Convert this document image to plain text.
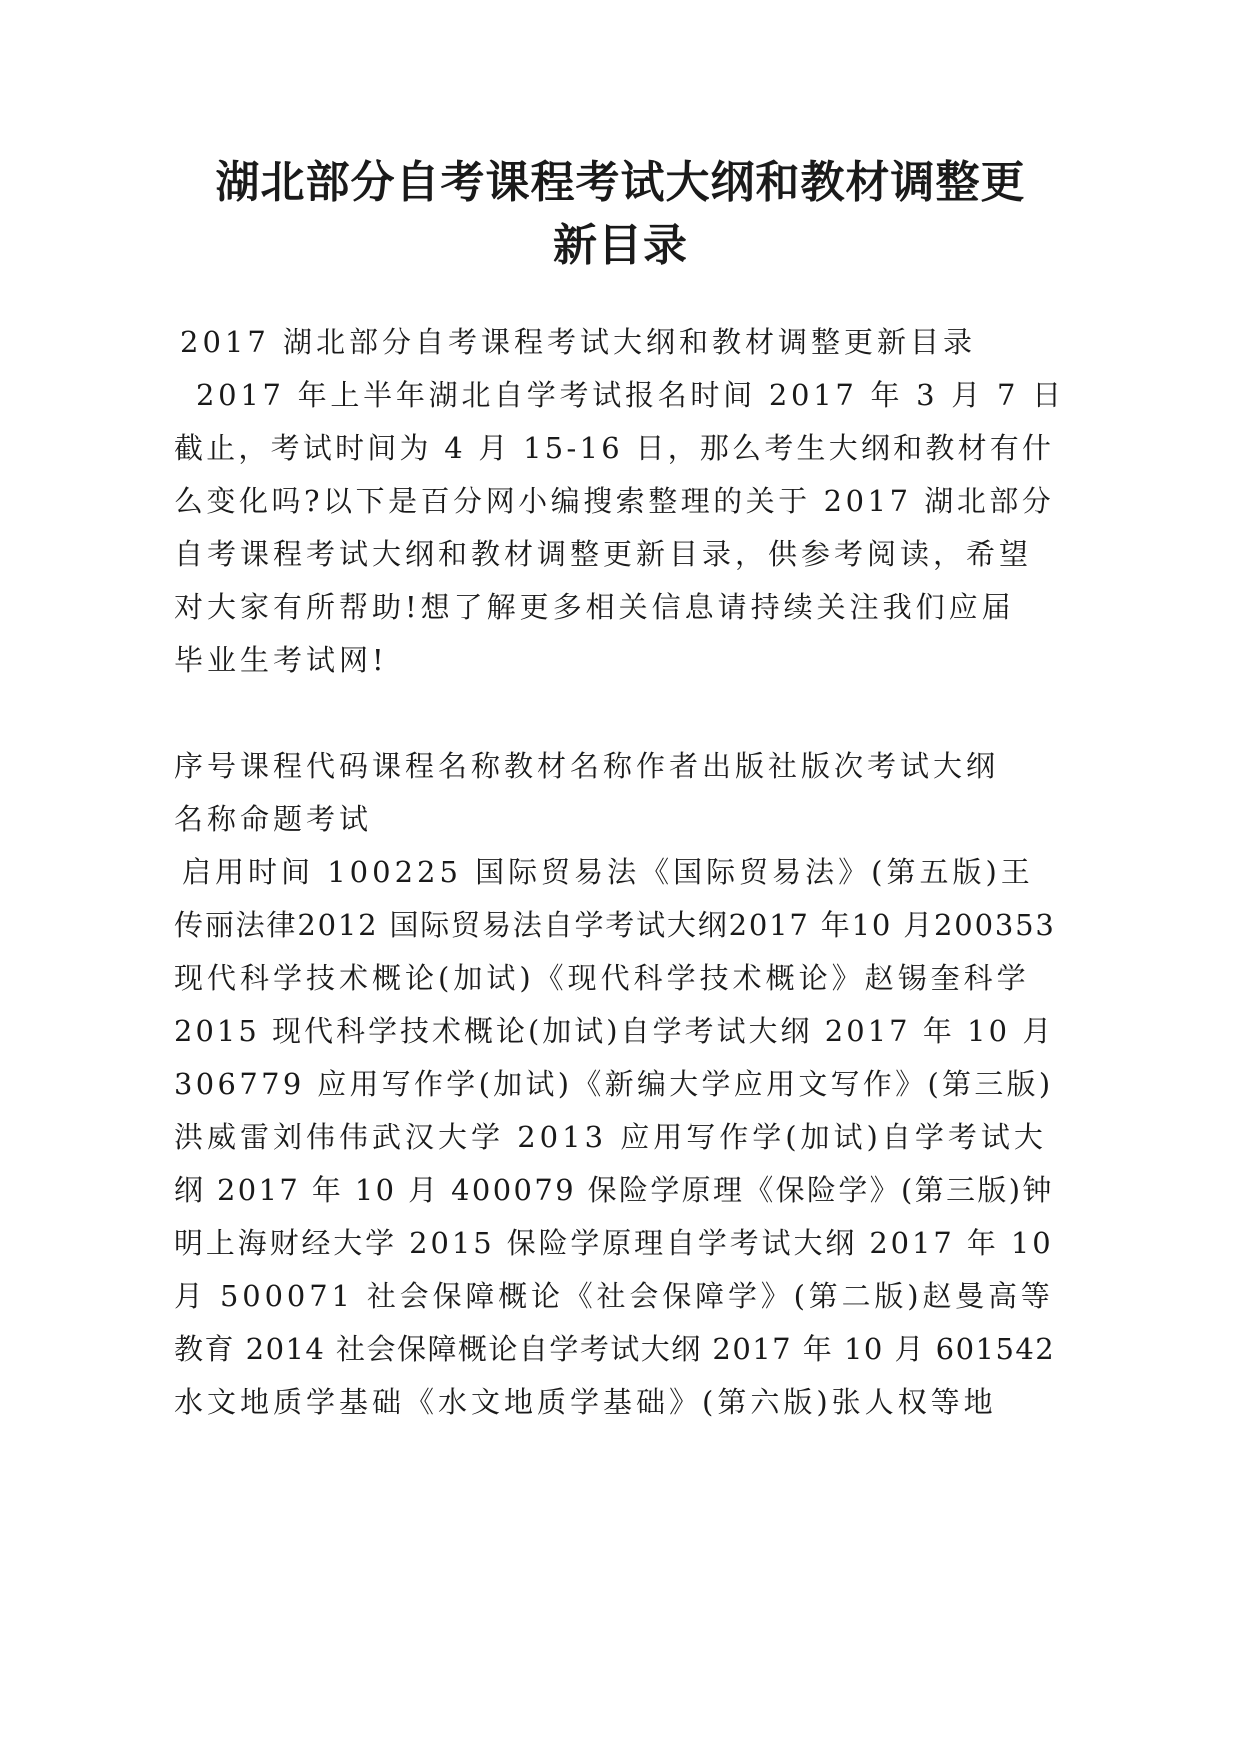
湖北部分自考课程考试大纲和教材调整更
新目录
2017 湖北部分自考课程考试大纲和教材调整更新目录
2017 年上半年湖北自学考试报名时间 2017 年 3 月 7 日
截止，考试时间为 4 月 15-16 日，那么考生大纲和教材有什
么变化吗?以下是百分网小编搜索整理的关于 2017 湖北部分
自考课程考试大纲和教材调整更新目录，供参考阅读，希望
对大家有所帮助!想了解更多相关信息请持续关注我们应届
毕业生考试网!
序号课程代码课程名称教材名称作者出版社版次考试大纲
名称命题考试
启用时间 100225 国际贸易法《国际贸易法》(第五版)王
传丽法律2012 国际贸易法自学考试大纲2017 年10 月200353
现代科学技术概论(加试)《现代科学技术概论》赵锡奎科学
2015 现代科学技术概论(加试)自学考试大纲 2017 年 10 月
306779 应用写作学(加试)《新编大学应用文写作》(第三版)
洪威雷刘伟伟武汉大学 2013 应用写作学(加试)自学考试大
纲 2017 年 10 月 400079 保险学原理《保险学》(第三版)钟
明上海财经大学 2015 保险学原理自学考试大纲 2017 年 10
月 500071 社会保障概论《社会保障学》(第二版)赵曼高等
教育 2014 社会保障概论自学考试大纲 2017 年 10 月 601542
水文地质学基础《水文地质学基础》(第六版)张人权等地
